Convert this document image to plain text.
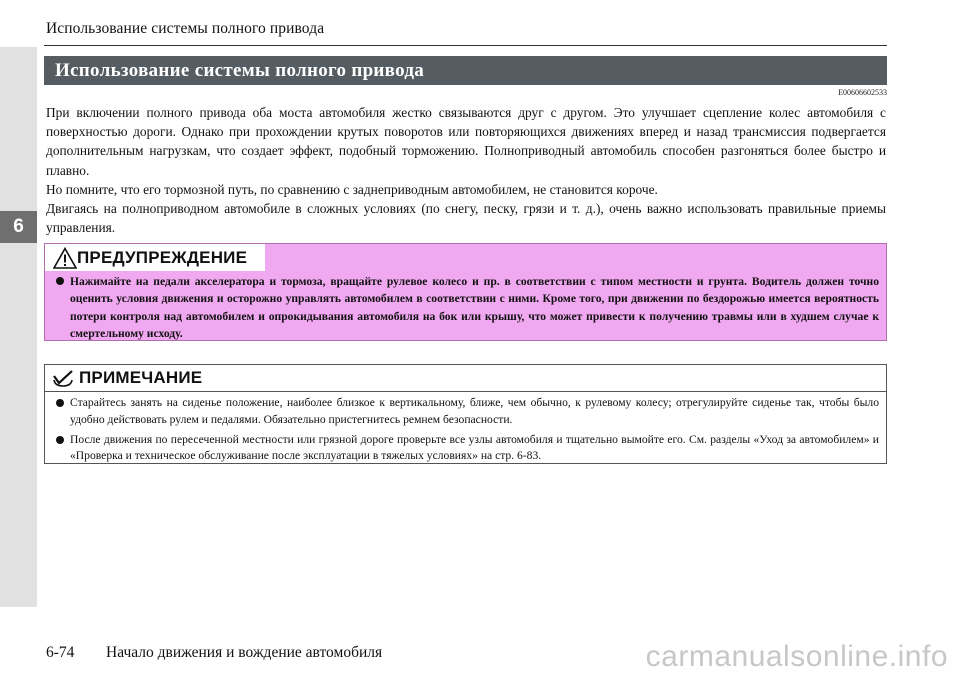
6
Использование системы полного привода
Использование системы полного привода
E00606602533

При включении полного привода оба моста автомобиля жестко связываются друг с другом. Это улучшает сцепление колес автомобиля с поверхностью дороги. Однако при прохождении крутых поворотов или повторяющихся движениях вперед и назад трансмиссия подвергается дополнительным нагрузкам, что создает эффект, подобный торможению. Полноприводный автомобиль способен разгоняться более быстро и плавно.

Но помните, что его тормозной путь, по сравнению с заднеприводным автомобилем, не становится короче.

Двигаясь на полноприводном автомобиле в сложных условиях (по снегу, песку, грязи и т. д.), очень важно использовать правильные приемы управления.

ПРЕДУПРЕЖДЕНИЕ
Нажимайте на педали акселератора и тормоза, вращайте рулевое колесо и пр. в соответствии с типом местности и грунта. Водитель должен точно оценить условия движения и осторожно управлять автомобилем в соответствии с ними. Кроме того, при движении по бездорожью имеется вероятность потери контроля над автомобилем и опрокидывания автомобиля на бок или крышу, что может привести к получению травмы или в худшем случае к смертельному исходу.
ПРИМЕЧАНИЕ
Старайтесь занять на сиденье положение, наиболее близкое к вертикальному, ближе, чем обычно, к рулевому колесу; отрегулируйте сиденье так, чтобы было удобно действовать рулем и педалями. Обязательно пристегнитесь ремнем безопасности.
После движения по пересеченной местности или грязной дороге проверьте все узлы автомобиля и тщательно вымойте его. См. разделы «Уход за автомобилем» и «Проверка и техническое обслуживание после эксплуатации в тяжелых условиях» на стр. 6-83.
6-74 Начало движения и вождение автомобиля	carmanualsonline.info
